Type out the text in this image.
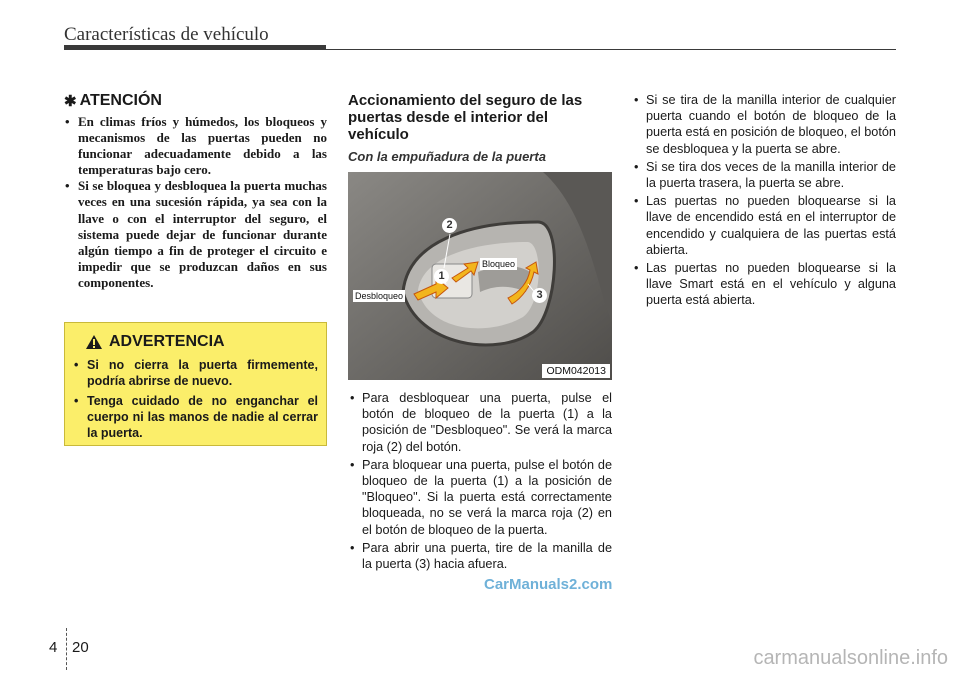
Características de vehículo
✱ ATENCIÓN
• En climas fríos y húmedos, los bloqueos y mecanismos de las puertas pueden no funcionar adecuadamente debido a las temperaturas bajo cero.
• Si se bloquea y desbloquea la puerta muchas veces en una sucesión rápida, ya sea con la llave o con el interruptor del seguro, el sistema puede dejar de funcionar durante algún tiempo a fin de proteger el circuito e impedir que se produzcan daños en sus componentes.
ADVERTENCIA
• Si no cierra la puerta firmemente, podría abrirse de nuevo.
• Tenga cuidado de no enganchar el cuerpo ni las manos de nadie al cerrar la puerta.
Accionamiento del seguro de las puertas desde el interior del vehículo
Con la empuñadura de la puerta
2
1
3
Bloqueo
Desbloqueo
ODM042013
• Para desbloquear una puerta, pulse el botón de bloqueo de la puerta (1) a la posición de "Desbloqueo". Se verá la marca roja (2) del botón.
• Para bloquear una puerta, pulse el botón de bloqueo de la puerta (1) a la posición de "Bloqueo". Si la puerta está correctamente bloqueada, no se verá la marca roja (2) en el botón de bloqueo de la puerta.
• Para abrir una puerta, tire de la manilla de la puerta (3) hacia afuera.
• Si se tira de la manilla interior de cualquier puerta cuando el botón de bloqueo de la puerta está en posición de bloqueo, el botón se desbloquea y la puerta se abre.
• Si se tira dos veces de la manilla interior de la puerta trasera, la puerta se abre.
• Las puertas no pueden bloquearse si la llave de encendido está en el interruptor de encendido y cualquiera de las puertas está abierta.
• Las puertas no pueden bloquearse si la llave Smart está en el vehículo y alguna puerta está abierta.
CarManuals2.com
4 20	carmanualsonline.info
